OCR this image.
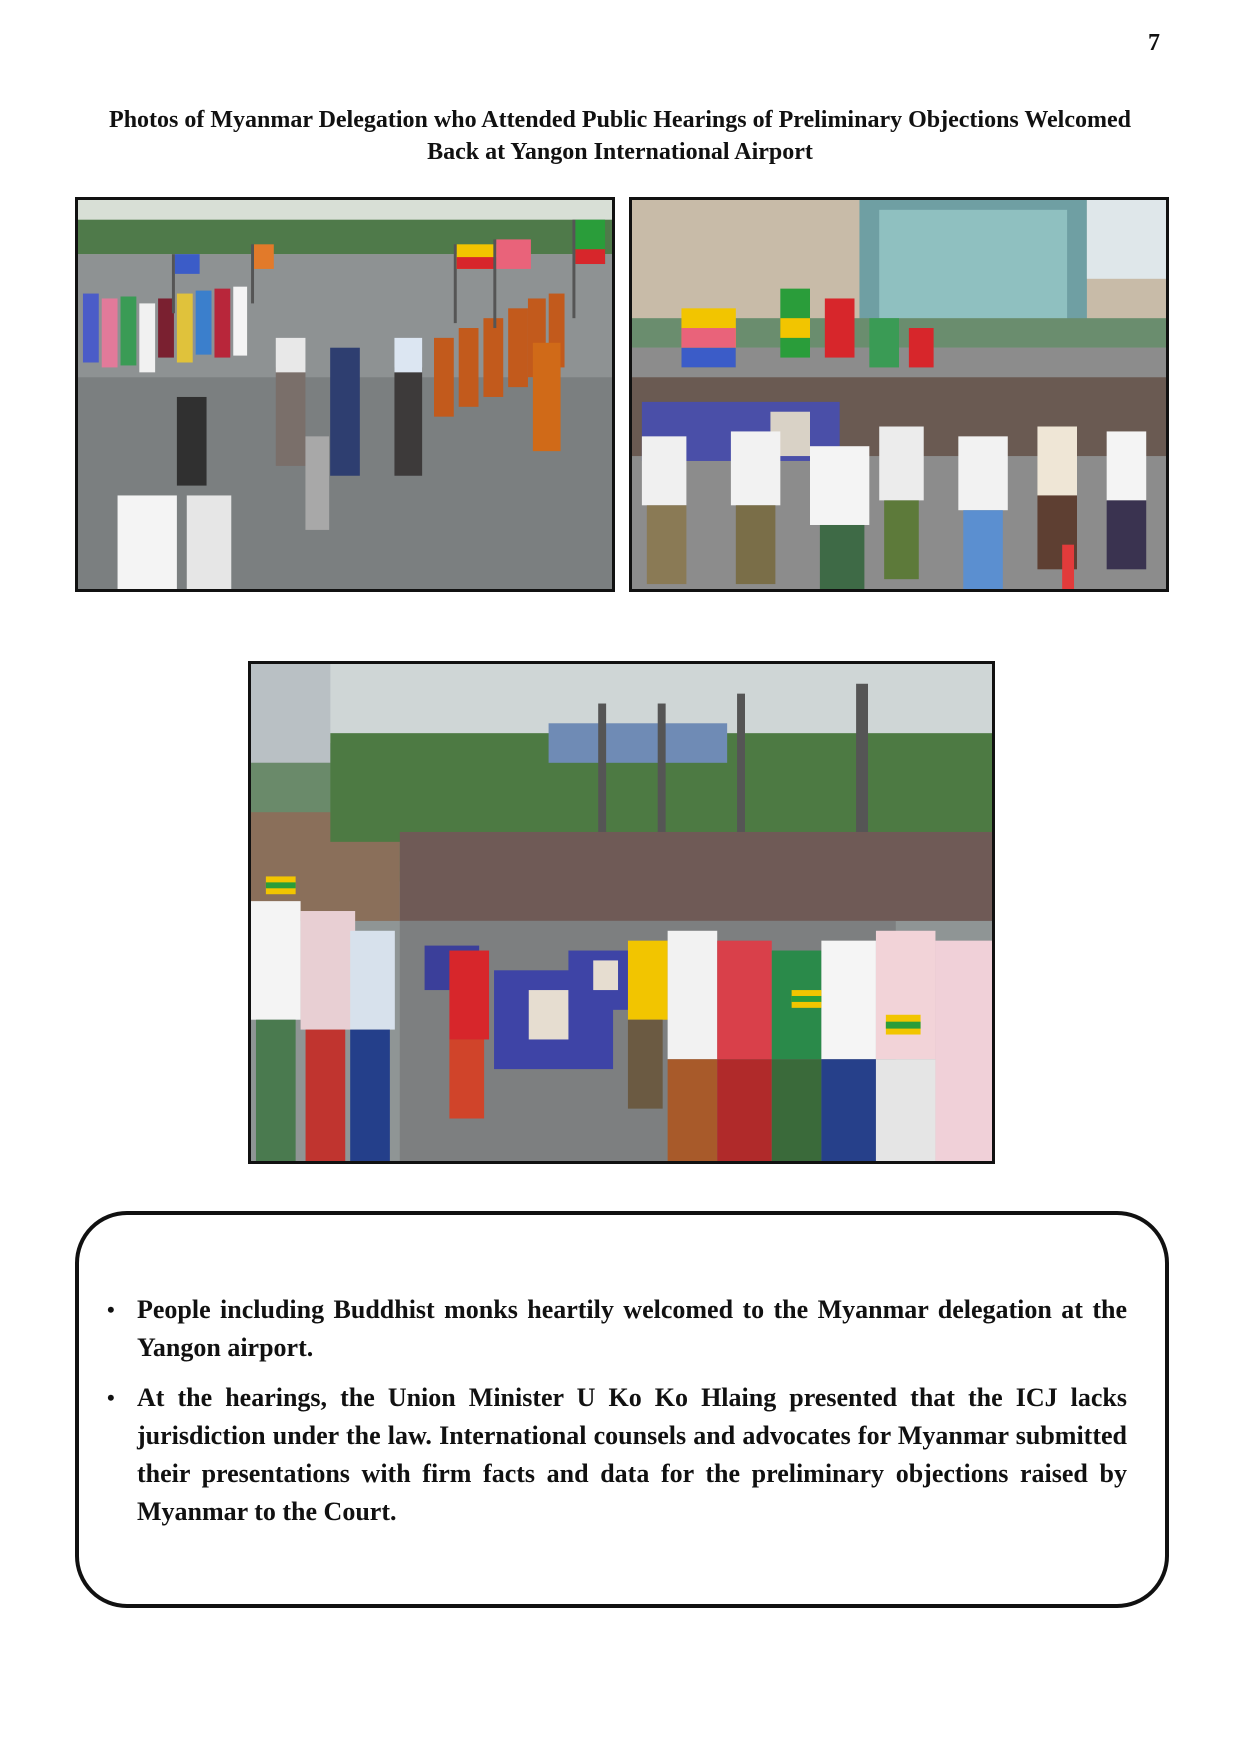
7
Photos of Myanmar Delegation who Attended Public Hearings of Preliminary Objections Welcomed
Back at Yangon International Airport
• People including Buddhist monks heartily welcomed to the Myanmar delegation at the Yangon airport.
• At the hearings, the Union Minister U Ko Ko Hlaing presented that the ICJ lacks jurisdiction under the law. International counsels and advocates for Myanmar submitted their presentations with firm facts and data for the preliminary objections raised by Myanmar to the Court.
